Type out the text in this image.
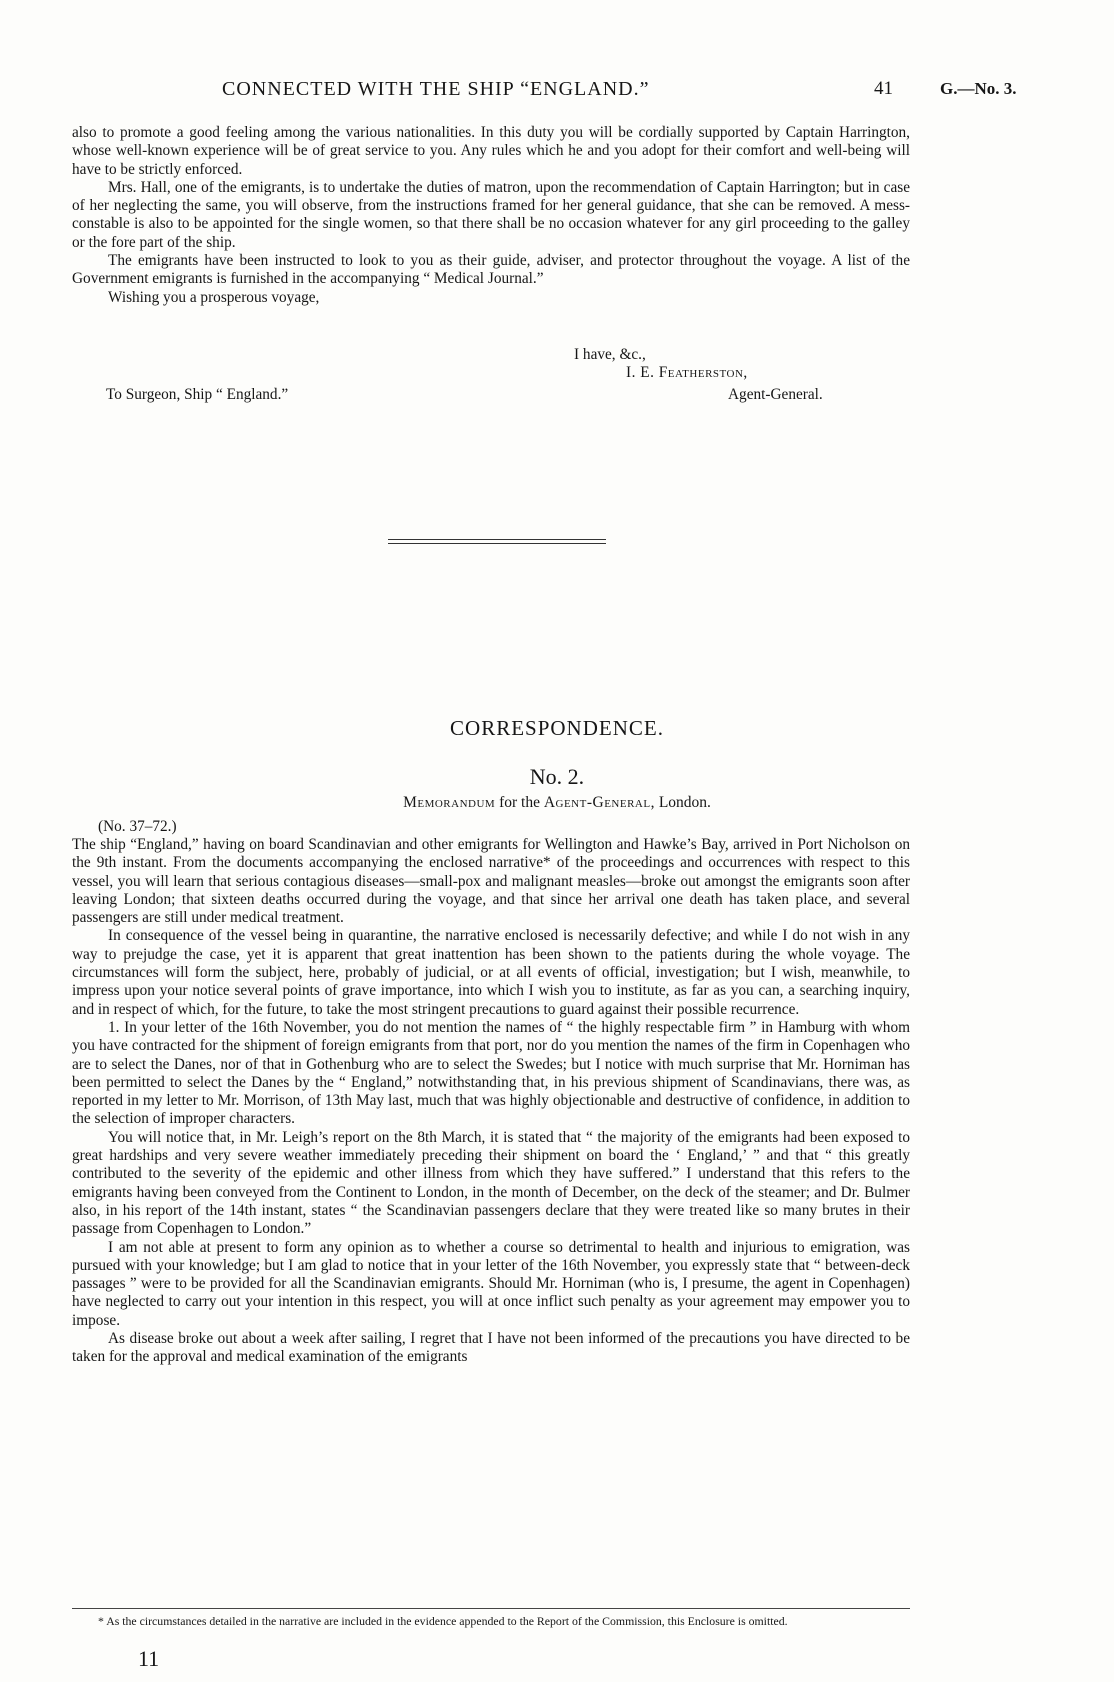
CONNECTED WITH THE SHIP “ENGLAND.”	41	G.—No. 3.

also to promote a good feeling among the various nationalities. In this duty you will be cordially supported by Captain Harrington, whose well-known experience will be of great service to you. Any rules which he and you adopt for their comfort and well-being will have to be strictly enforced.

Mrs. Hall, one of the emigrants, is to undertake the duties of matron, upon the recommendation of Captain Harrington; but in case of her neglecting the same, you will observe, from the instructions framed for her general guidance, that she can be removed. A mess-constable is also to be appointed for the single women, so that there shall be no occasion whatever for any girl proceeding to the galley or the fore part of the ship.

The emigrants have been instructed to look to you as their guide, adviser, and protector throughout the voyage. A list of the Government emigrants is furnished in the accompanying “ Medical Journal.”

Wishing you a prosperous voyage,

I have, &c.,
I. E. Featherston,
To Surgeon, Ship “ England.”	Agent-General.
CORRESPONDENCE.
No. 2.
Memorandum for the Agent-General, London.
(No. 37–72.)

The ship “England,” having on board Scandinavian and other emigrants for Wellington and Hawke’s Bay, arrived in Port Nicholson on the 9th instant. From the documents accompanying the enclosed narrative* of the proceedings and occurrences with respect to this vessel, you will learn that serious contagious diseases—small-pox and malignant measles—broke out amongst the emigrants soon after leaving London; that sixteen deaths occurred during the voyage, and that since her arrival one death has taken place, and several passengers are still under medical treatment.

In consequence of the vessel being in quarantine, the narrative enclosed is necessarily defective; and while I do not wish in any way to prejudge the case, yet it is apparent that great inattention has been shown to the patients during the whole voyage. The circumstances will form the subject, here, probably of judicial, or at all events of official, investigation; but I wish, meanwhile, to impress upon your notice several points of grave importance, into which I wish you to institute, as far as you can, a searching inquiry, and in respect of which, for the future, to take the most stringent precautions to guard against their possible recurrence.

1. In your letter of the 16th November, you do not mention the names of “ the highly respectable firm ” in Hamburg with whom you have contracted for the shipment of foreign emigrants from that port, nor do you mention the names of the firm in Copenhagen who are to select the Danes, nor of that in Gothenburg who are to select the Swedes; but I notice with much surprise that Mr. Horniman has been permitted to select the Danes by the “ England,” notwithstanding that, in his previous shipment of Scandinavians, there was, as reported in my letter to Mr. Morrison, of 13th May last, much that was highly objectionable and destructive of confidence, in addition to the selection of improper characters.

You will notice that, in Mr. Leigh’s report on the 8th March, it is stated that “ the majority of the emigrants had been exposed to great hardships and very severe weather immediately preceding their shipment on board the ‘ England,’ ” and that “ this greatly contributed to the severity of the epidemic and other illness from which they have suffered.” I understand that this refers to the emigrants having been conveyed from the Continent to London, in the month of December, on the deck of the steamer; and Dr. Bulmer also, in his report of the 14th instant, states “ the Scandinavian passengers declare that they were treated like so many brutes in their passage from Copenhagen to London.”

I am not able at present to form any opinion as to whether a course so detrimental to health and injurious to emigration, was pursued with your knowledge; but I am glad to notice that in your letter of the 16th November, you expressly state that “ between-deck passages ” were to be provided for all the Scandinavian emigrants. Should Mr. Horniman (who is, I presume, the agent in Copenhagen) have neglected to carry out your intention in this respect, you will at once inflict such penalty as your agreement may empower you to impose.

As disease broke out about a week after sailing, I regret that I have not been informed of the precautions you have directed to be taken for the approval and medical examination of the emigrants

* As the circumstances detailed in the narrative are included in the evidence appended to the Report of the Commission, this Enclosure is omitted.

11
